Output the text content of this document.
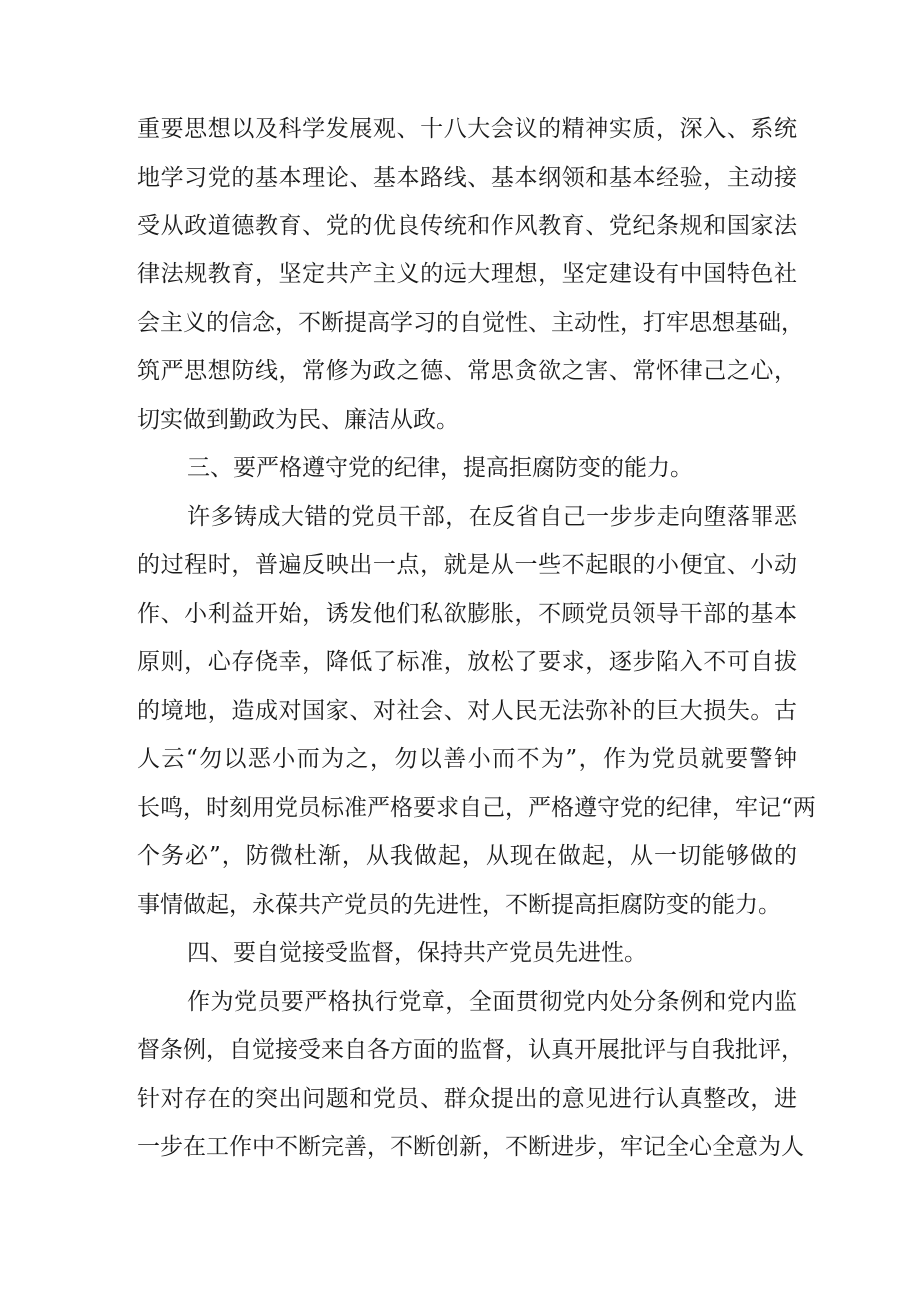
重要思想以及科学发展观、十八大会议的精神实质，深入、系统
地学习党的基本理论、基本路线、基本纲领和基本经验，主动接
受从政道德教育、党的优良传统和作风教育、党纪条规和国家法
律法规教育，坚定共产主义的远大理想，坚定建设有中国特色社
会主义的信念，不断提高学习的自觉性、主动性，打牢思想基础，
筑严思想防线，常修为政之德、常思贪欲之害、常怀律己之心，
切实做到勤政为民、廉洁从政。
三、要严格遵守党的纪律，提高拒腐防变的能力。
许多铸成大错的党员干部，在反省自己一步步走向堕落罪恶
的过程时，普遍反映出一点，就是从一些不起眼的小便宜、小动
作、小利益开始，诱发他们私欲膨胀，不顾党员领导干部的基本
原则，心存侥幸，降低了标准，放松了要求，逐步陷入不可自拔
的境地，造成对国家、对社会、对人民无法弥补的巨大损失。古
人云“勿以恶小而为之，勿以善小而不为”，作为党员就要警钟
长鸣，时刻用党员标准严格要求自己，严格遵守党的纪律，牢记“两
个务必”，防微杜渐，从我做起，从现在做起，从一切能够做的
事情做起，永葆共产党员的先进性，不断提高拒腐防变的能力。
四、要自觉接受监督，保持共产党员先进性。
作为党员要严格执行党章，全面贯彻党内处分条例和党内监
督条例，自觉接受来自各方面的监督，认真开展批评与自我批评，
针对存在的突出问题和党员、群众提出的意见进行认真整改，进
一步在工作中不断完善，不断创新，不断进步，牢记全心全意为人
